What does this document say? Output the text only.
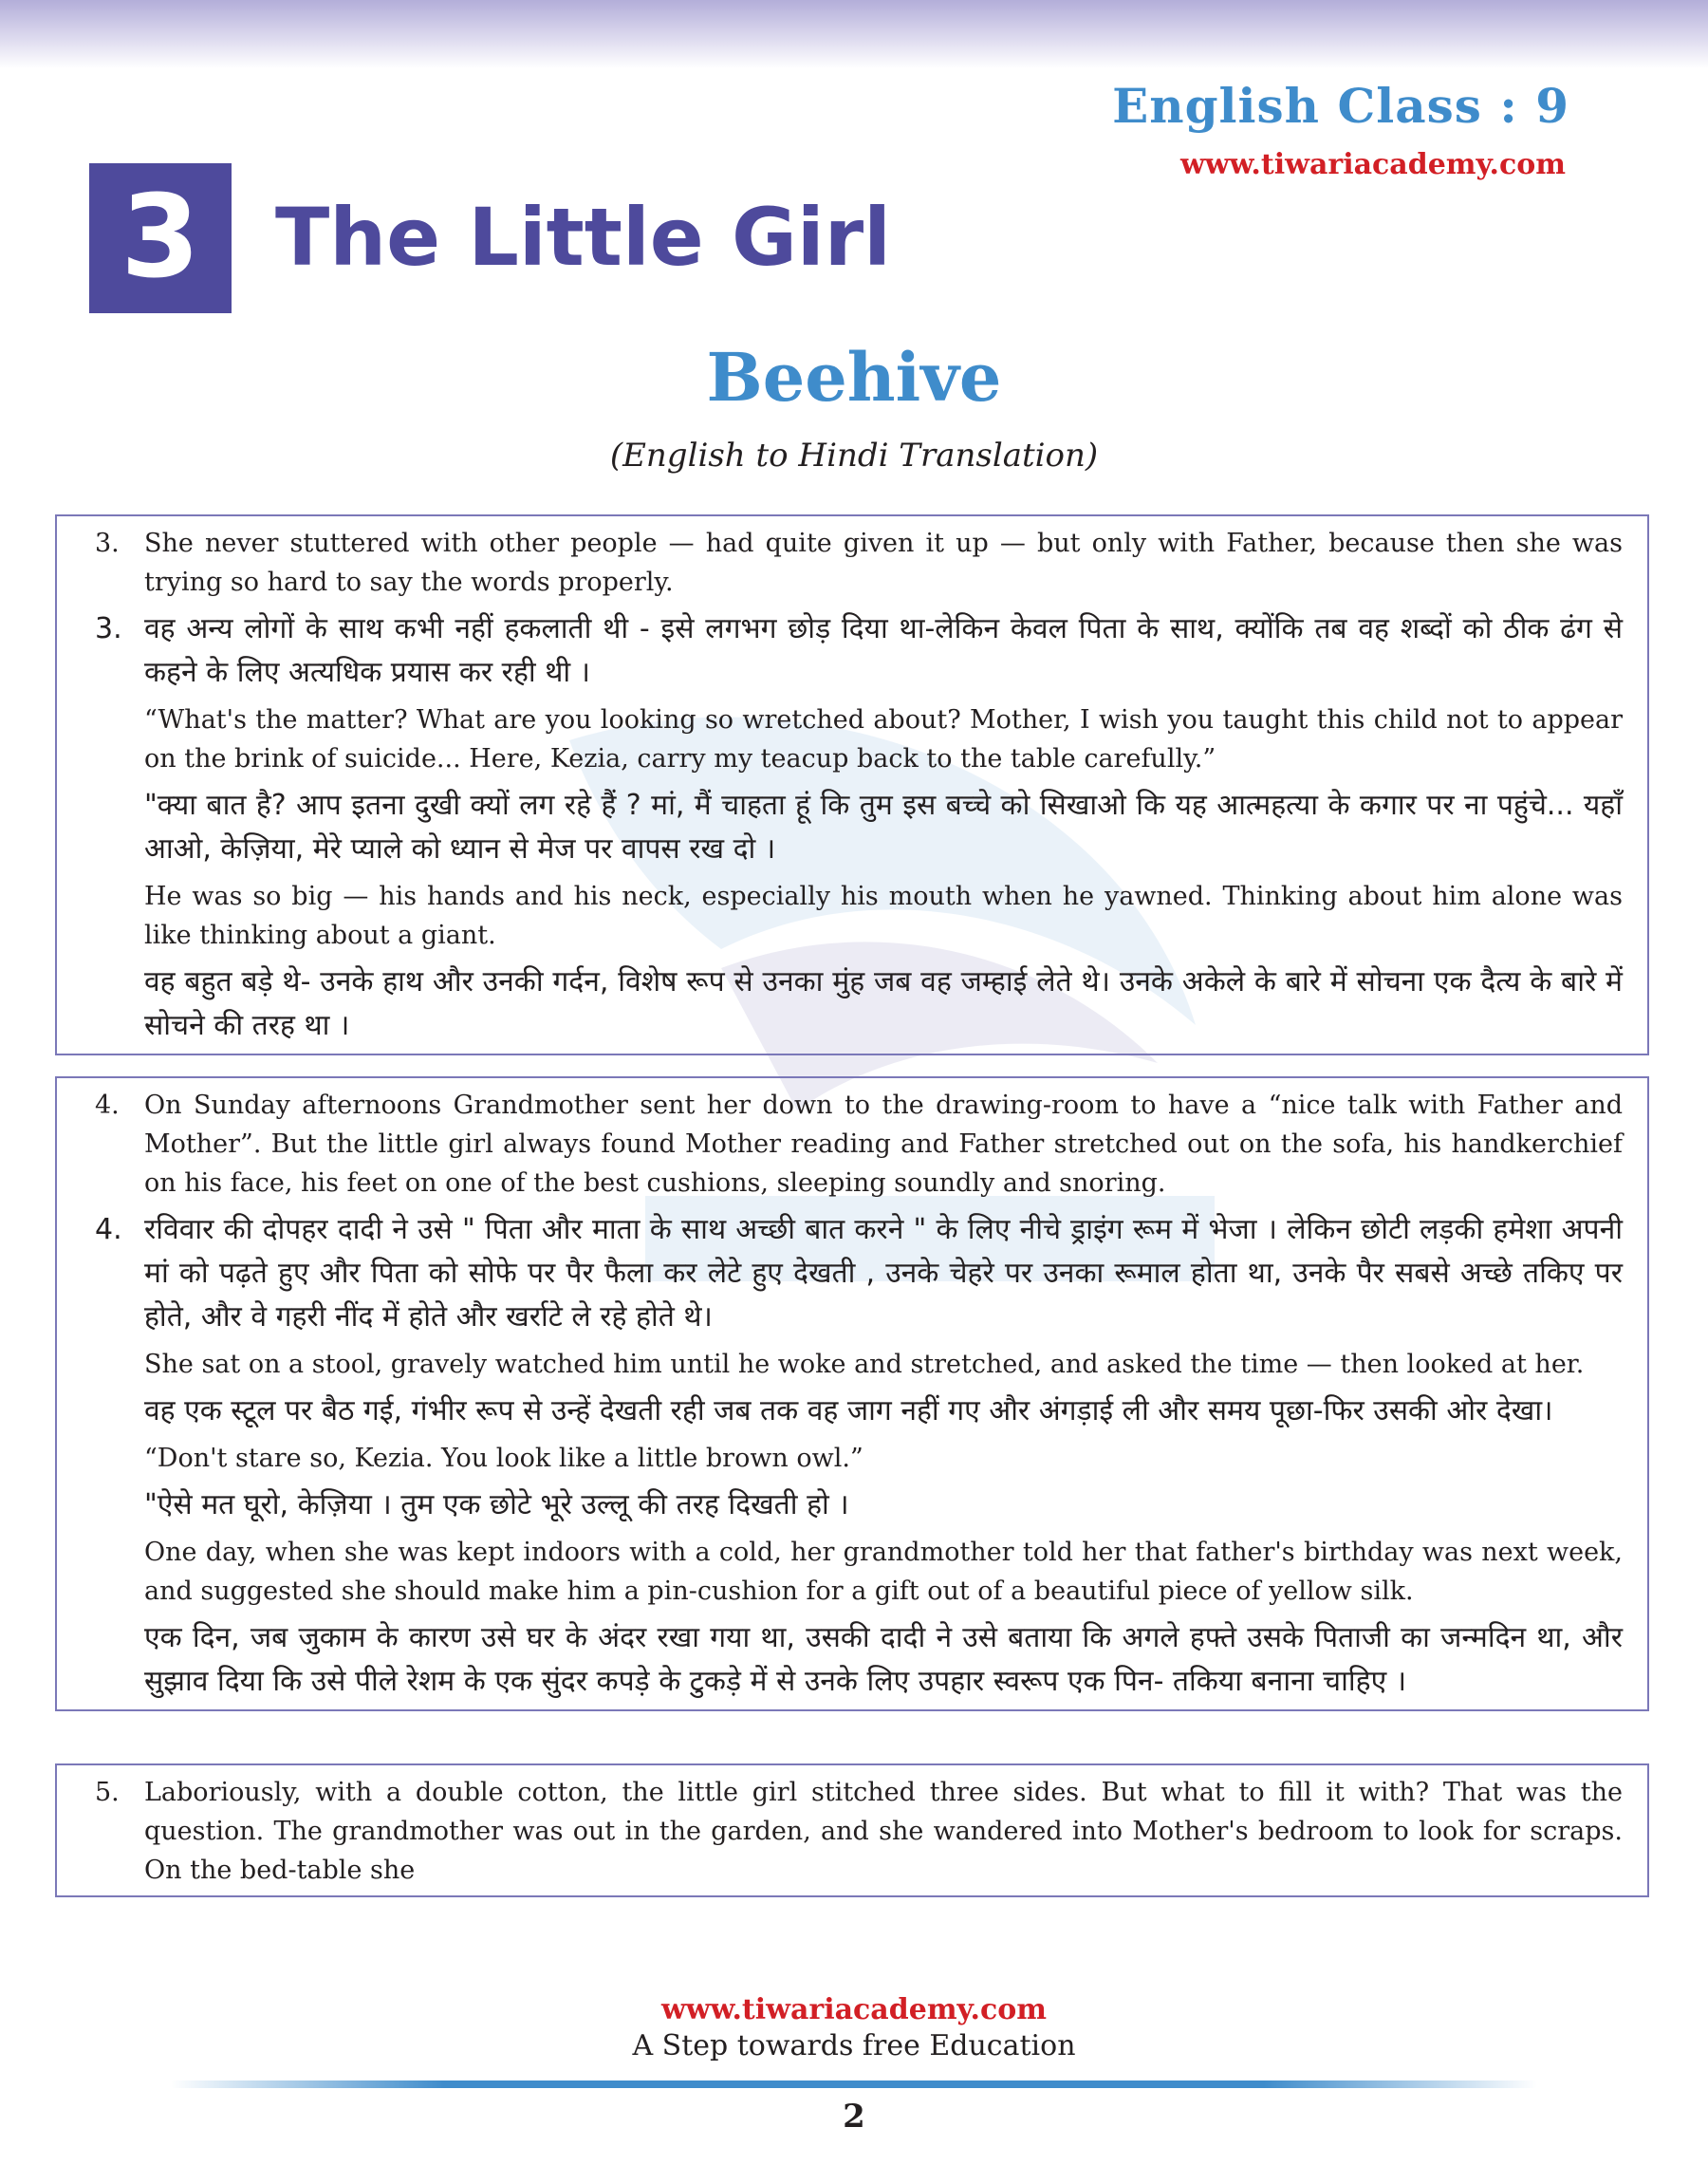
English Class : 9
www.tiwariacademy.com
3 The Little Girl
Beehive
(English to Hindi Translation)

3. She never stuttered with other people — had quite given it up — but only with Father, because then she was trying so hard to say the words properly.

3. वह अन्य लोगों के साथ कभी नहीं हकलाती थी - इसे लगभग छोड़ दिया था-लेकिन केवल पिता के साथ, क्योंकि तब वह शब्दों को ठीक ढंग से कहने के लिए अत्यधिक प्रयास कर रही थी ।

“What's the matter? What are you looking so wretched about? Mother, I wish you taught this child not to appear on the brink of suicide... Here, Kezia, carry my teacup back to the table carefully.”

"क्या बात है? आप इतना दुखी क्यों लग रहे हैं ? मां, मैं चाहता हूं कि तुम इस बच्चे को सिखाओ कि यह आत्महत्या के कगार पर ना पहुंचे... यहाँ आओ, केज़िया, मेरे प्याले को ध्यान से मेज पर वापस रख दो ।

He was so big — his hands and his neck, especially his mouth when he yawned. Thinking about him alone was like thinking about a giant.

वह बहुत बड़े थे- उनके हाथ और उनकी गर्दन, विशेष रूप से उनका मुंह जब वह जम्हाई लेते थे। उनके अकेले के बारे में सोचना एक दैत्य के बारे में सोचने की तरह था ।

4. On Sunday afternoons Grandmother sent her down to the drawing-room to have a “nice talk with Father and Mother”. But the little girl always found Mother reading and Father stretched out on the sofa, his handkerchief on his face, his feet on one of the best cushions, sleeping soundly and snoring.

4. रविवार की दोपहर दादी ने उसे " पिता और माता के साथ अच्छी बात करने " के लिए नीचे ड्राइंग रूम में भेजा । लेकिन छोटी लड़की हमेशा अपनी मां को पढ़ते हुए और पिता को सोफे पर पैर फैला कर लेटे हुए देखती , उनके चेहरे पर उनका रूमाल होता था, उनके पैर सबसे अच्छे तकिए पर होते, और वे गहरी नींद में होते और खर्राटे ले रहे होते थे।

She sat on a stool, gravely watched him until he woke and stretched, and asked the time — then looked at her.

वह एक स्टूल पर बैठ गई, गंभीर रूप से उन्हें देखती रही जब तक वह जाग नहीं गए और अंगड़ाई ली और समय पूछा-फिर उसकी ओर देखा।

“Don't stare so, Kezia. You look like a little brown owl.”

"ऐसे मत घूरो, केज़िया । तुम एक छोटे भूरे उल्लू की तरह दिखती हो ।

One day, when she was kept indoors with a cold, her grandmother told her that father's birthday was next week, and suggested she should make him a pin-cushion for a gift out of a beautiful piece of yellow silk.

एक दिन, जब जुकाम के कारण उसे घर के अंदर रखा गया था, उसकी दादी ने उसे बताया कि अगले हफ्ते उसके पिताजी का जन्मदिन था, और सुझाव दिया कि उसे पीले रेशम के एक सुंदर कपड़े के टुकड़े में से उनके लिए उपहार स्वरूप एक पिन- तकिया बनाना चाहिए ।

5. Laboriously, with a double cotton, the little girl stitched three sides. But what to fill it with? That was the question. The grandmother was out in the garden, and she wandered into Mother's bedroom to look for scraps. On the bed-table she

www.tiwariacademy.com
A Step towards free Education
2
